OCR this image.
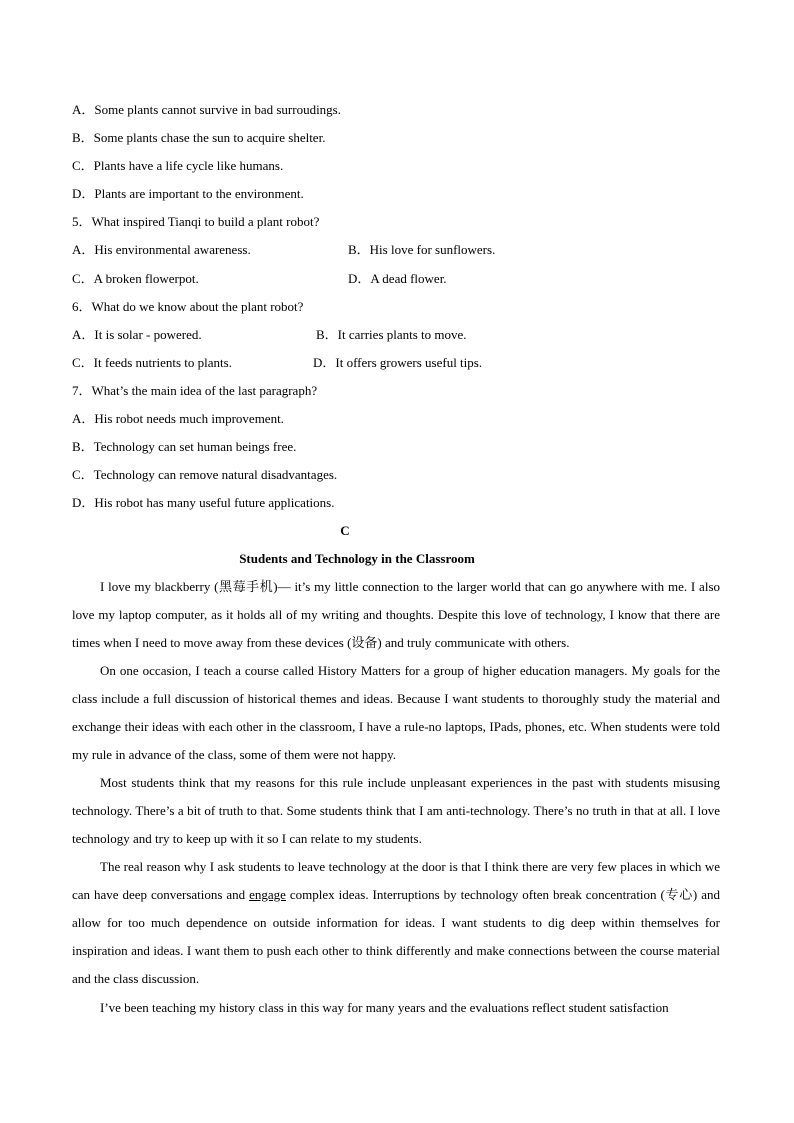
A．Some plants cannot survive in bad surroudings.
B．Some plants chase the sun to acquire shelter.
C．Plants have a life cycle like humans.
D．Plants are important to the environment.
5．What inspired Tianqi to build a plant robot?
A．His environmental awareness.	B．His love for sunflowers.
C．A broken flowerpot.	D．A dead flower.
6．What do we know about the plant robot?
A．It is solar - powered.	B．It carries plants to move.
C．It feeds nutrients to plants.	D．It offers growers useful tips.
7．What’s the main idea of the last paragraph?
A．His robot needs much improvement.
B．Technology can set human beings free.
C．Technology can remove natural disadvantages.
D．His robot has many useful future applications.
C
Students and Technology in the Classroom

I love my blackberry (黑莓手机)— it’s my little connection to the larger world that can go anywhere with me. I also love my laptop computer, as it holds all of my writing and thoughts. Despite this love of technology, I know that there are times when I need to move away from these devices (设备) and truly communicate with others.

On one occasion, I teach a course called History Matters for a group of higher education managers. My goals for the class include a full discussion of historical themes and ideas. Because I want students to thoroughly study the material and exchange their ideas with each other in the classroom, I have a rule-no laptops, IPads, phones, etc. When students were told my rule in advance of the class, some of them were not happy.

Most students think that my reasons for this rule include unpleasant experiences in the past with students misusing technology. There’s a bit of truth to that. Some students think that I am anti-technology. There’s no truth in that at all. I love technology and try to keep up with it so I can relate to my students.

The real reason why I ask students to leave technology at the door is that I think there are very few places in which we can have deep conversations and engage complex ideas. Interruptions by technology often break concentration (专心) and allow for too much dependence on outside information for ideas. I want students to dig deep within themselves for inspiration and ideas. I want them to push each other to think differently and make connections between the course material and the class discussion.

I’ve been teaching my history class in this way for many years and the evaluations reflect student satisfaction
